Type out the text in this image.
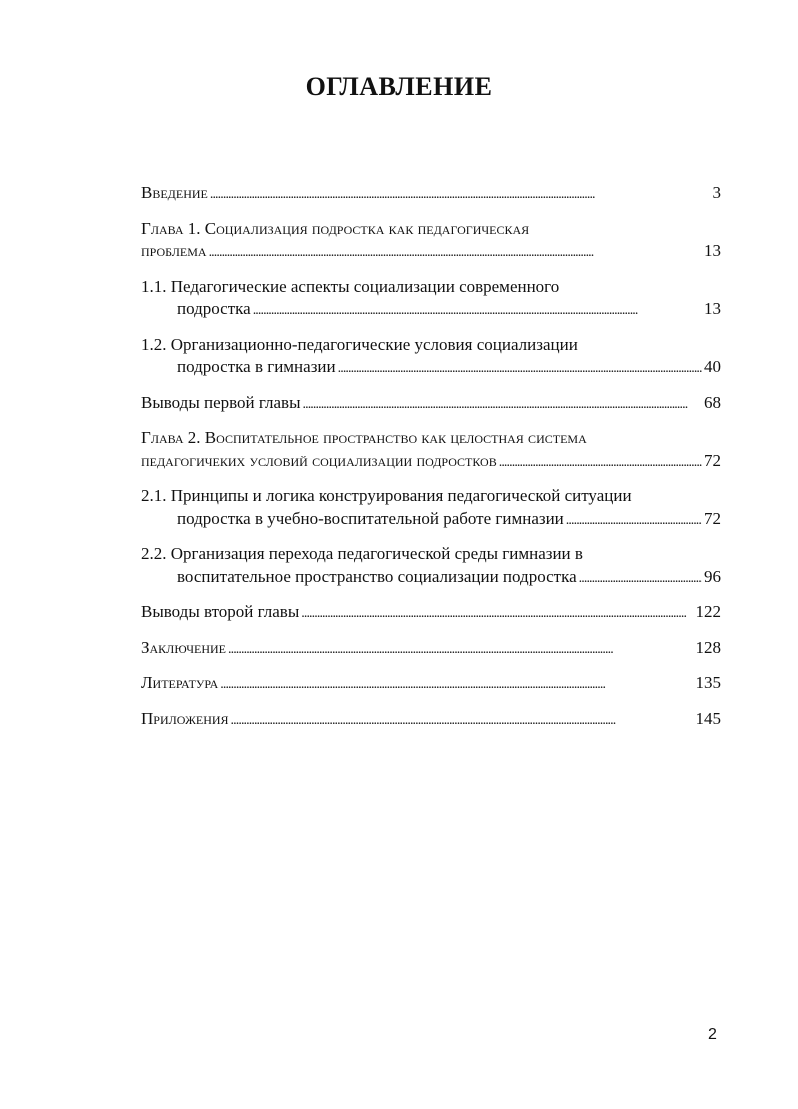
ОГЛАВЛЕНИЕ
Введение . . .	3
Глава 1. Социализация подростка как педагогическая
проблема . . .	13
1.1. Педагогические аспекты социализации современного
подростка . . .	13
1.2. Организационно-педагогические условия социализации
подростка в гимназии . . .	40
Выводы первой главы . . .	68
Глава 2. Воспитательное пространство как целостная система
педагогичеких условий социализации подростков . . .	72
2.1. Принципы и логика конструирования педагогической ситуации
подростка в учебно-воспитательной работе гимназии . . .	72
2.2. Организация перехода педагогической среды гимназии в
воспитательное пространство социализации подростка . . .	96
Выводы второй главы . . .	122
Заключение . . .	128
Литература . . .	135
Приложения . . .	145
2
